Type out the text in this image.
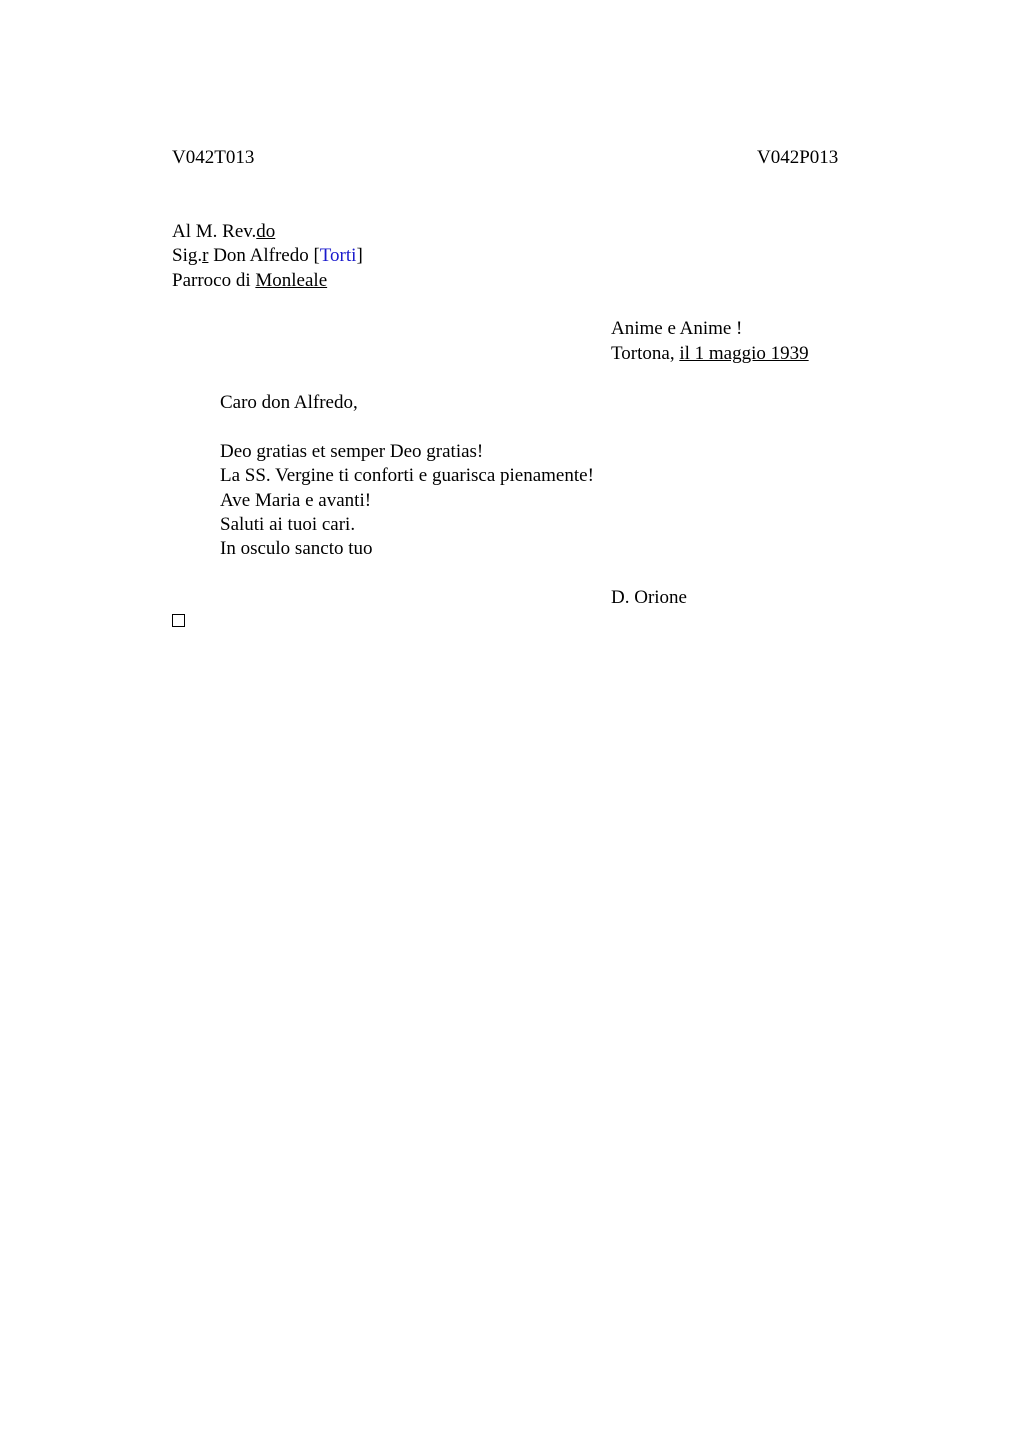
V042T013	V042P013
Al M. Rev.do
Sig.r Don Alfredo [Torti]
Parroco di Monleale
Anime e Anime !
Tortona, il 1 maggio 1939
Caro don Alfredo,
Deo gratias et semper Deo gratias!
La SS. Vergine ti conforti e guarisca pienamente!
Ave Maria e avanti!
Saluti ai tuoi cari.
In osculo sancto tuo
D. Orione
